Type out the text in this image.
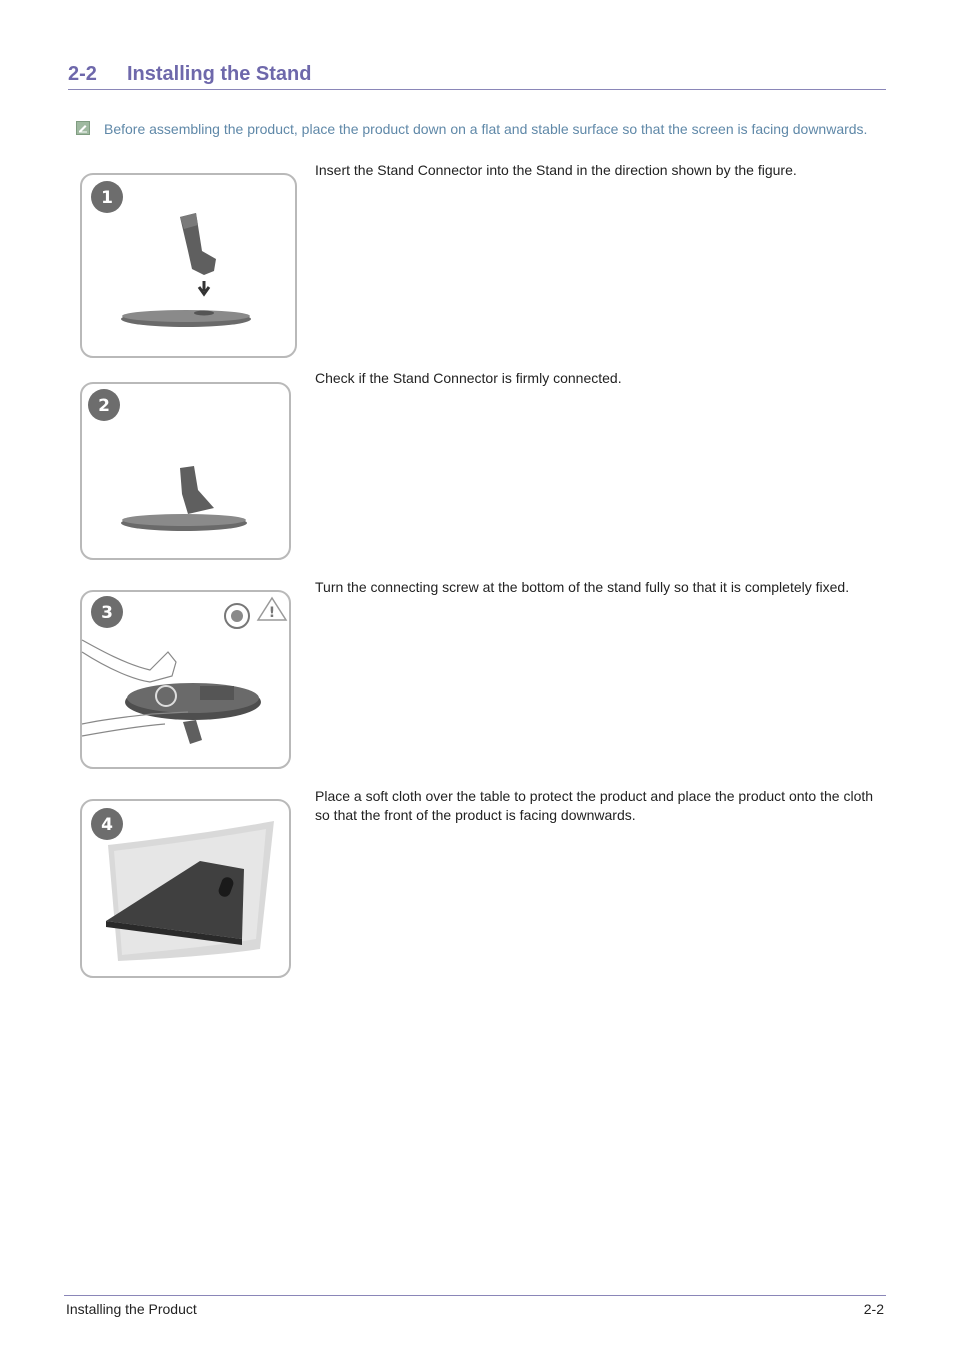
2-2 Installing the Stand
Before assembling the product, place the product down on a flat and stable surface so that the screen is facing downwards.
1
Insert the Stand Connector into the Stand in the direction shown by the figure.
2
Check if the Stand Connector is firmly connected.
3	!
Turn the connecting screw at the bottom of the stand fully so that it is completely fixed.
4
Place a soft cloth over the table to protect the product and place the product onto the cloth so that the front of the product is facing downwards.
Installing the Product	2-2
